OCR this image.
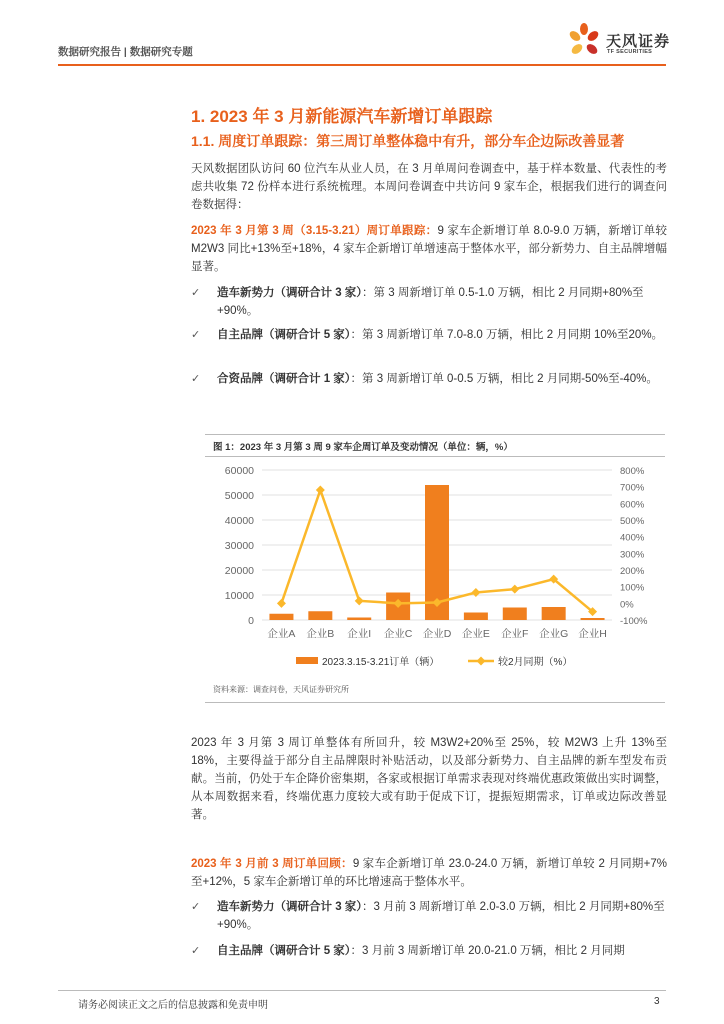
数据研究报告 | 数据研究专题
天风证券
TF SECURITIES
1. 2023 年 3 月新能源汽车新增订单跟踪
1.1. 周度订单跟踪：第三周订单整体稳中有升，部分车企边际改善显著
天风数据团队访问 60 位汽车从业人员，在 3 月单周问卷调查中，基于样本数量、代表性的考虑共收集 72 份样本进行系统梳理。本周问卷调查中共访问 9 家车企，根据我们进行的调查问卷数据得：
2023 年 3 月第 3 周（3.15-3.21）周订单跟踪：9 家车企新增订单 8.0-9.0 万辆，新增订单较 M2W3 同比+13%至+18%，4 家车企新增订单增速高于整体水平，部分新势力、自主品牌增幅显著。
✓ 造车新势力（调研合计 3 家）：第 3 周新增订单 0.5-1.0 万辆，相比 2 月同期+80%至+90%。
✓ 自主品牌（调研合计 5 家）：第 3 周新增订单 7.0-8.0 万辆，相比 2 月同期 10%至20%。
✓ 合资品牌（调研合计 1 家）：第 3 周新增订单 0-0.5 万辆，相比 2 月同期-50%至-40%。
图 1：2023 年 3 月第 3 周 9 家车企周订单及变动情况（单位：辆，%）
0
10000
20000
30000
40000
50000
60000
-100%
0%
100%
200%
300%
400%
500%
600%
700%
800%
企业A 企业B 企业I 企业C 企业D 企业E 企业F 企业G 企业H
2023.3.15-3.21订单（辆）	较2月同期（%）
资料来源：调查问卷，天风证券研究所
2023 年 3 月第 3 周订单整体有所回升，较 M3W2+20%至 25%，较 M2W3 上升 13%至 18%，主要得益于部分自主品牌限时补贴活动，以及部分新势力、自主品牌的新车型发布贡献。当前，仍处于车企降价密集期，各家或根据订单需求表现对终端优惠政策做出实时调整，从本周数据来看，终端优惠力度较大或有助于促成下订，提振短期需求，订单或边际改善显著。
2023 年 3 月前 3 周订单回顾：9 家车企新增订单 23.0-24.0 万辆，新增订单较 2 月同期+7%至+12%，5 家车企新增订单的环比增速高于整体水平。
✓ 造车新势力（调研合计 3 家）：3 月前 3 周新增订单 2.0-3.0 万辆，相比 2 月同期+80%至+90%。
✓ 自主品牌（调研合计 5 家）：3 月前 3 周新增订单 20.0-21.0 万辆，相比 2 月同期
请务必阅读正文之后的信息披露和免责申明	3
